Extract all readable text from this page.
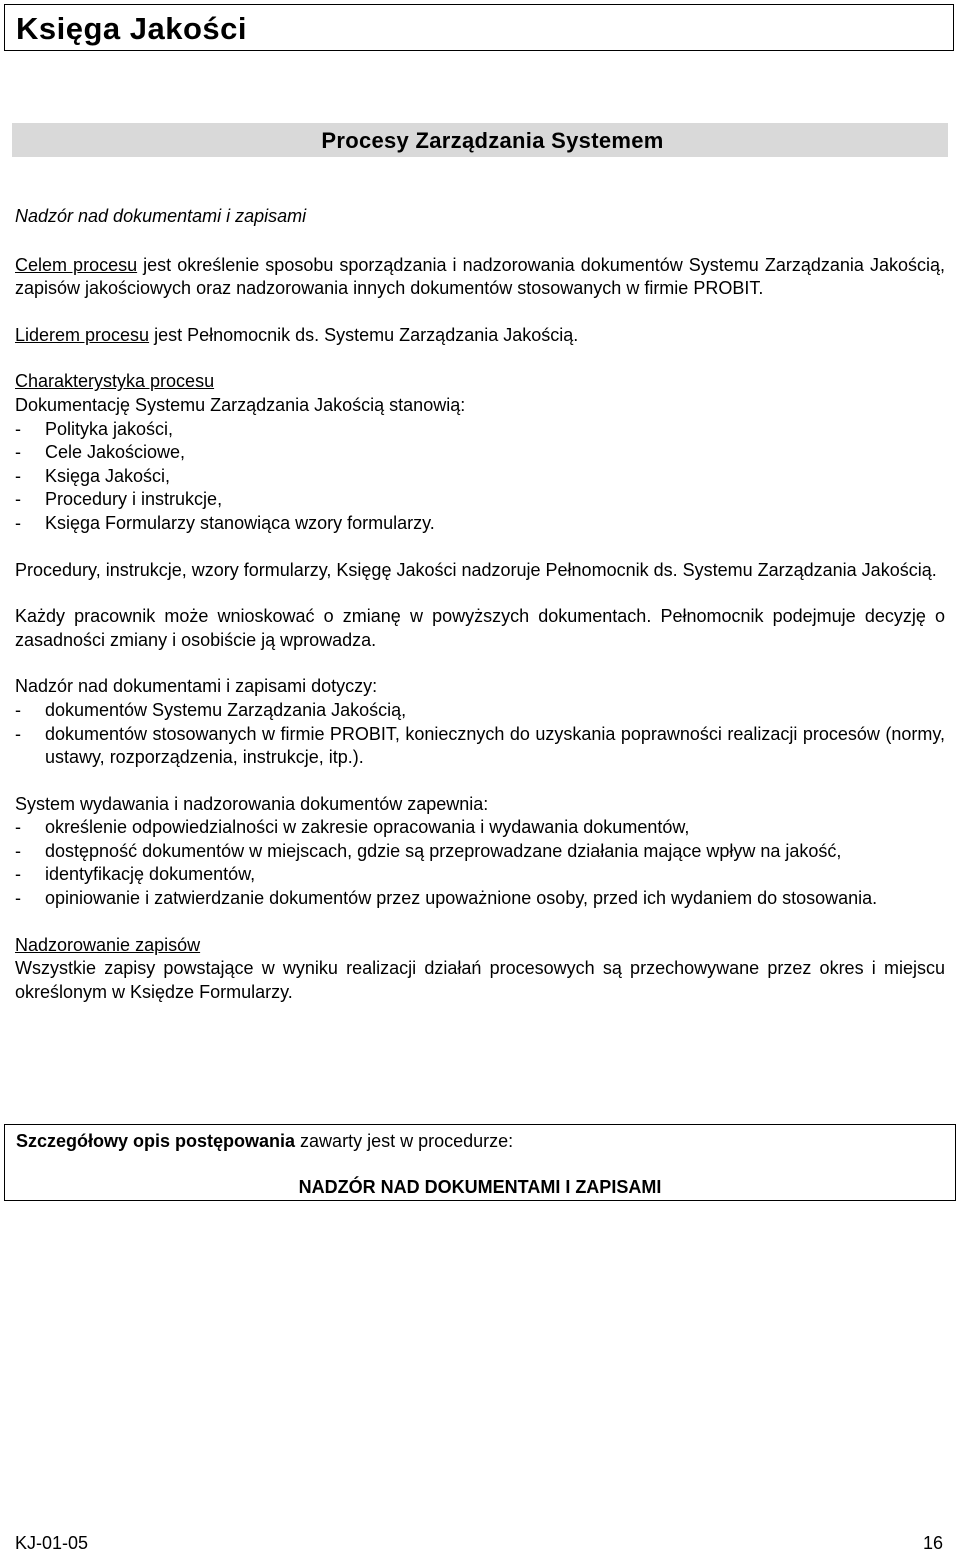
Księga Jakości
Procesy Zarządzania Systemem

Nadzór nad dokumentami i zapisami

Celem procesu jest określenie sposobu sporządzania i nadzorowania dokumentów Systemu Zarządzania Jakością, zapisów jakościowych oraz nadzorowania innych dokumentów stosowanych w firmie PROBIT.

Liderem procesu jest Pełnomocnik ds. Systemu Zarządzania Jakością.

Charakterystyka procesu

Dokumentację Systemu Zarządzania Jakością stanowią:

- Polityka jakości,
- Cele Jakościowe,
- Księga Jakości,
- Procedury i instrukcje,
- Księga Formularzy stanowiąca wzory formularzy.

Procedury, instrukcje, wzory formularzy, Księgę Jakości nadzoruje Pełnomocnik ds. Systemu Zarządzania Jakością.

Każdy pracownik może wnioskować o zmianę w powyższych dokumentach. Pełnomocnik podejmuje decyzję o zasadności zmiany i osobiście ją wprowadza.

Nadzór nad dokumentami i zapisami dotyczy:

- dokumentów Systemu Zarządzania Jakością,
- dokumentów stosowanych w firmie PROBIT, koniecznych do uzyskania poprawności realizacji procesów (normy, ustawy, rozporządzenia, instrukcje, itp.).

System wydawania i nadzorowania dokumentów zapewnia:

- określenie odpowiedzialności w zakresie opracowania i wydawania dokumentów,
- dostępność dokumentów w miejscach, gdzie są przeprowadzane działania mające wpływ na jakość,
- identyfikację dokumentów,
- opiniowanie i zatwierdzanie dokumentów przez upoważnione osoby, przed ich wydaniem do stosowania.

Nadzorowanie zapisów

Wszystkie zapisy powstające w wyniku realizacji działań procesowych są przechowywane przez okres i miejscu określonym w Księdze Formularzy.

Szczegółowy opis postępowania zawarty jest w procedurze:
NADZÓR NAD DOKUMENTAMI I ZAPISAMI
KJ-01-05	16
